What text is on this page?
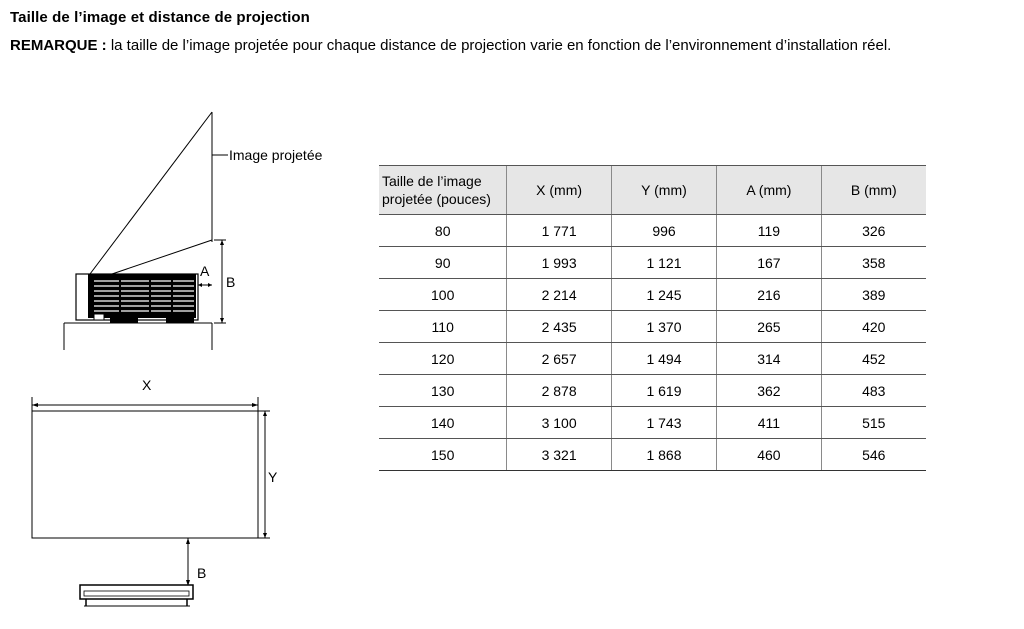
Taille de l’image et distance de projection
REMARQUE : la taille de l’image projetée pour chaque distance de projection varie en fonction de l’environnement d’installation réel.
Image projetée
A
B
X
Y
B
Taille de l’image
projetée (pouces)	X (mm)	Y (mm)	A (mm)	B (mm)
80	1 771	996	119	326
90	1 993	1 121	167	358
100	2 214	1 245	216	389
110	2 435	1 370	265	420
120	2 657	1 494	314	452
130	2 878	1 619	362	483
140	3 100	1 743	411	515
150	3 321	1 868	460	546
